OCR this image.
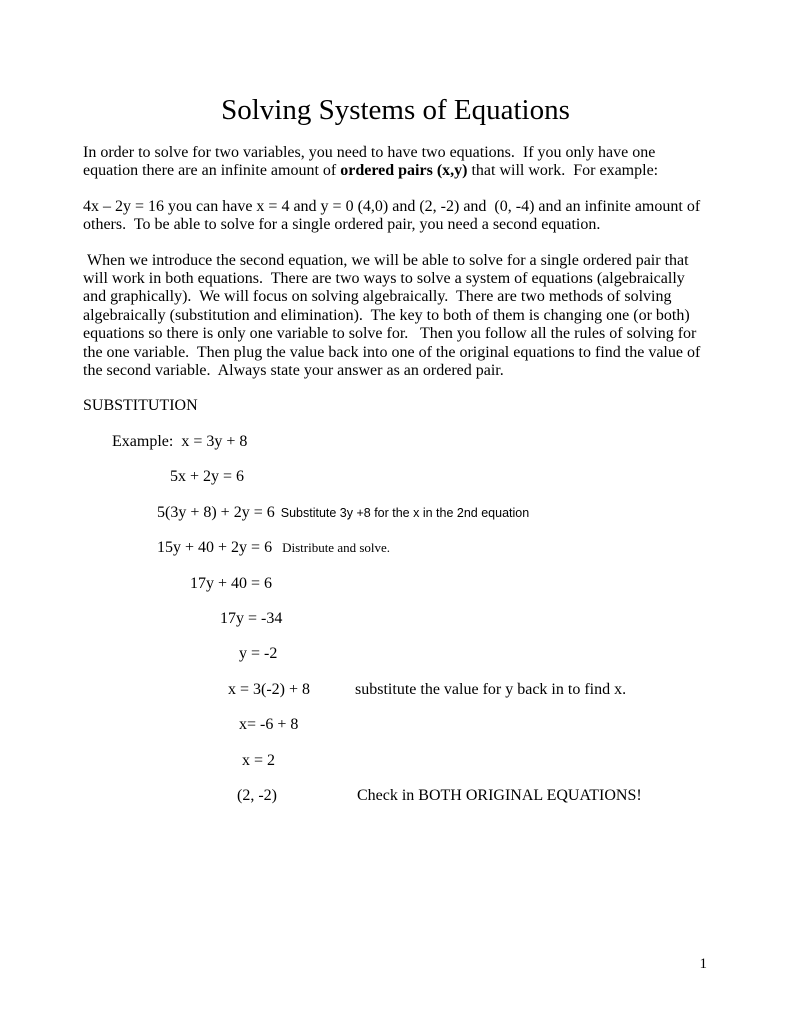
Solving Systems of Equations

In order to solve for two variables, you need to have two equations.  If you only have one equation there are an infinite amount of ordered pairs (x,y) that will work.  For example:

4x – 2y = 16 you can have x = 4 and y = 0 (4,0) and (2, -2) and  (0, -4) and an infinite amount of others.  To be able to solve for a single ordered pair, you need a second equation.

When we introduce the second equation, we will be able to solve for a single ordered pair that will work in both equations.  There are two ways to solve a system of equations (algebraically and graphically).  We will focus on solving algebraically.  There are two methods of solving algebraically (substitution and elimination).  The key to both of them is changing one (or both) equations so there is only one variable to solve for.   Then you follow all the rules of solving for the one variable.  Then plug the value back into one of the original equations to find the value of the second variable.  Always state your answer as an ordered pair.

SUBSTITUTION

Example:  x = 3y + 8
5x + 2y = 6
5(3y + 8) + 2y = 6 Substitute 3y +8 for the x in the 2nd equation
15y + 40 + 2y = 6 Distribute and solve.
17y + 40 = 6
17y = -34
y = -2
x = 3(-2) + 8	substitute the value for y back in to find x.
x= -6 + 8
x = 2
(2, -2)	Check in BOTH ORIGINAL EQUATIONS!
1
